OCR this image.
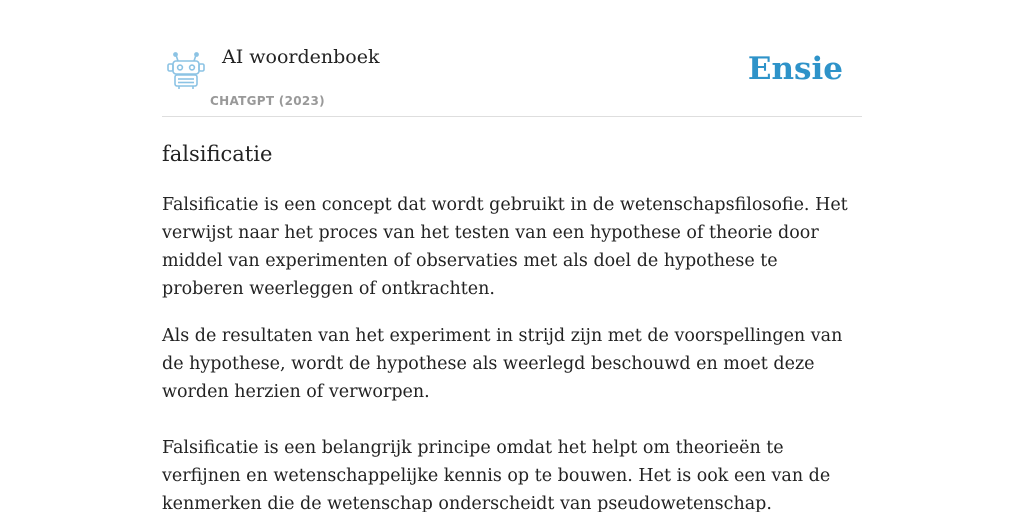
AI woordenboek
CHATGPT (2023)
Ensie
falsificatie

Falsificatie is een concept dat wordt gebruikt in de wetenschapsfilosofie. Het verwijst naar het proces van het testen van een hypothese of theorie door middel van experimenten of observaties met als doel de hypothese te proberen weerleggen of ontkrachten.

Als de resultaten van het experiment in strijd zijn met de voorspellingen van de hypothese, wordt de hypothese als weerlegd beschouwd en moet deze worden herzien of verworpen.

Falsificatie is een belangrijk principe omdat het helpt om theorieën te verfijnen en wetenschappelijke kennis op te bouwen. Het is ook een van de kenmerken die de wetenschap onderscheidt van pseudowetenschap.
